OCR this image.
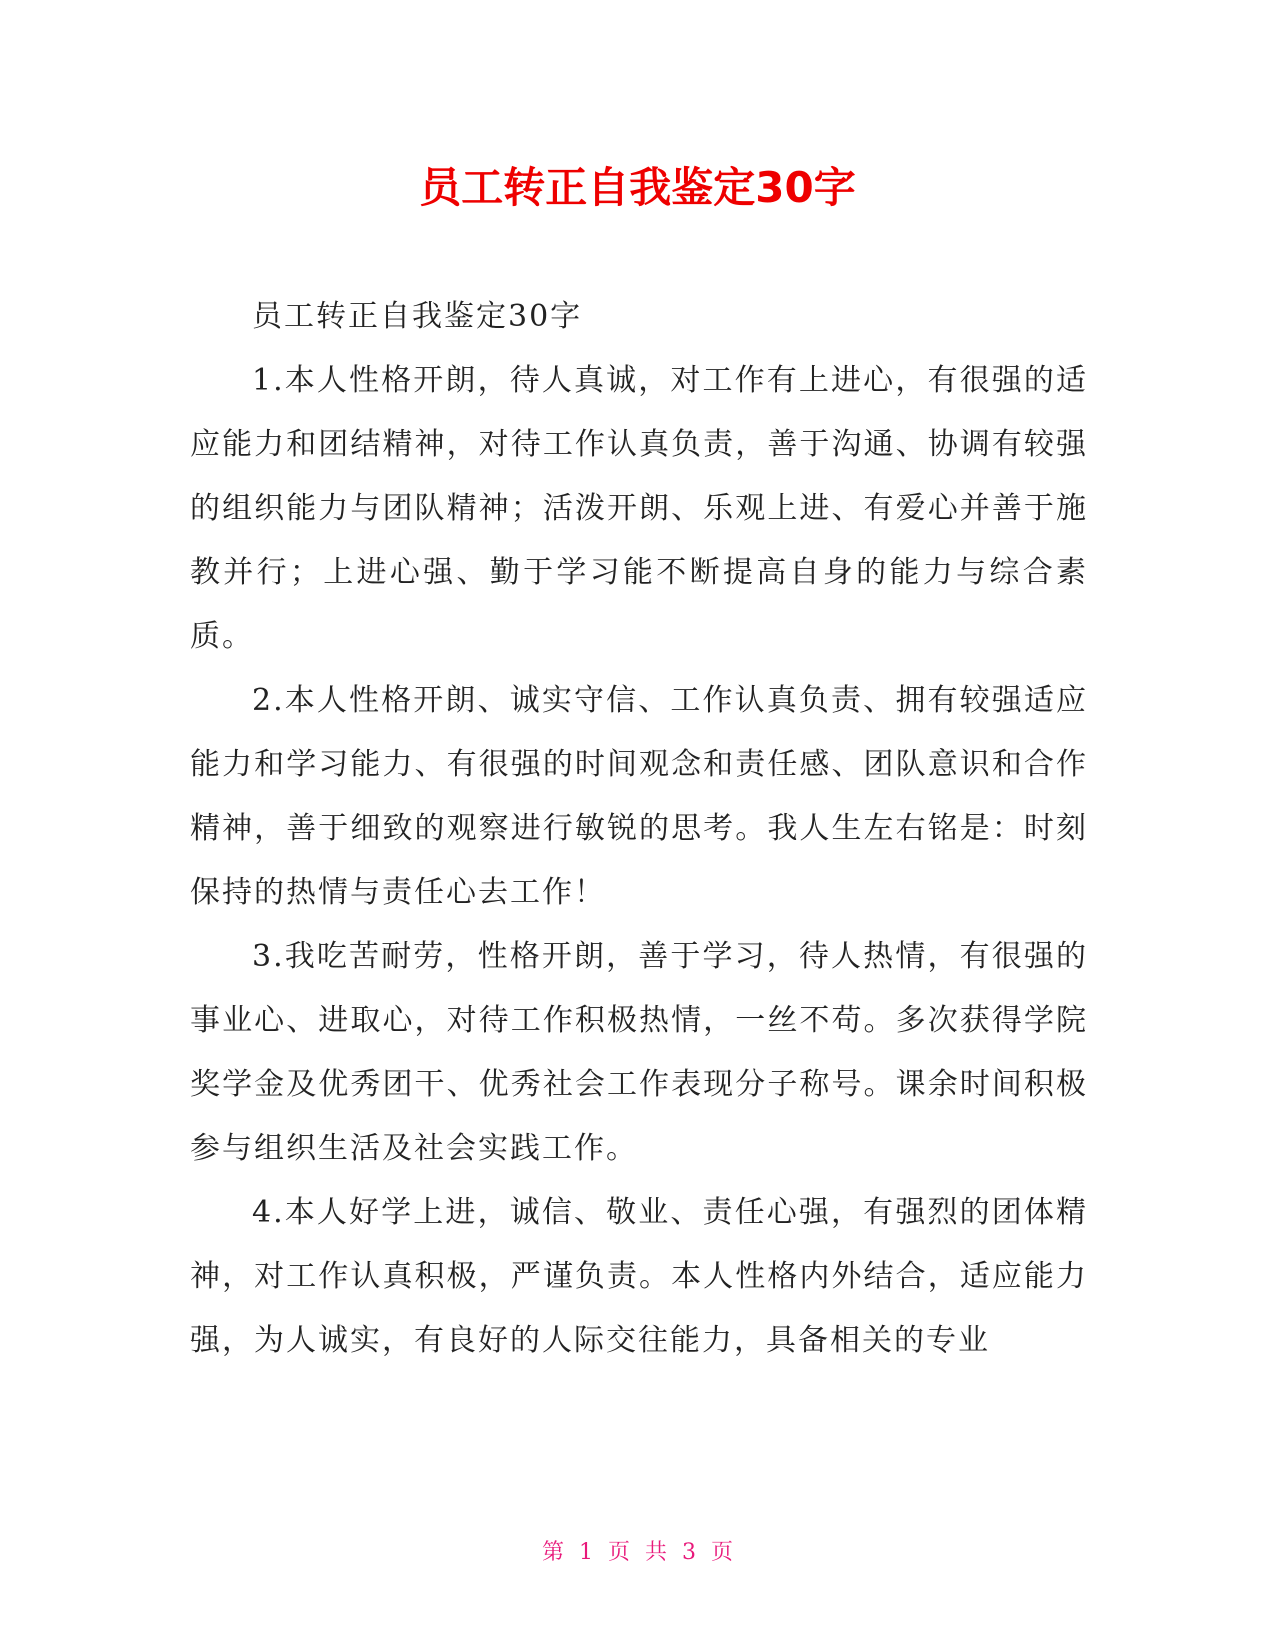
员工转正自我鉴定30字

员工转正自我鉴定30字

1.本人性格开朗，待人真诚，对工作有上进心，有很强的适应能力和团结精神，对待工作认真负责，善于沟通、协调有较强的组织能力与团队精神；活泼开朗、乐观上进、有爱心并善于施教并行；上进心强、勤于学习能不断提高自身的能力与综合素质。

2.本人性格开朗、诚实守信、工作认真负责、拥有较强适应能力和学习能力、有很强的时间观念和责任感、团队意识和合作精神，善于细致的观察进行敏锐的思考。我人生左右铭是：时刻保持的热情与责任心去工作！

3.我吃苦耐劳，性格开朗，善于学习，待人热情，有很强的事业心、进取心，对待工作积极热情，一丝不苟。多次获得学院奖学金及优秀团干、优秀社会工作表现分子称号。课余时间积极参与组织生活及社会实践工作。

4.本人好学上进，诚信、敬业、责任心强，有强烈的团体精神，对工作认真积极，严谨负责。本人性格内外结合，适应能力强，为人诚实，有良好的人际交往能力，具备相关的专业

第 1 页 共 3 页
